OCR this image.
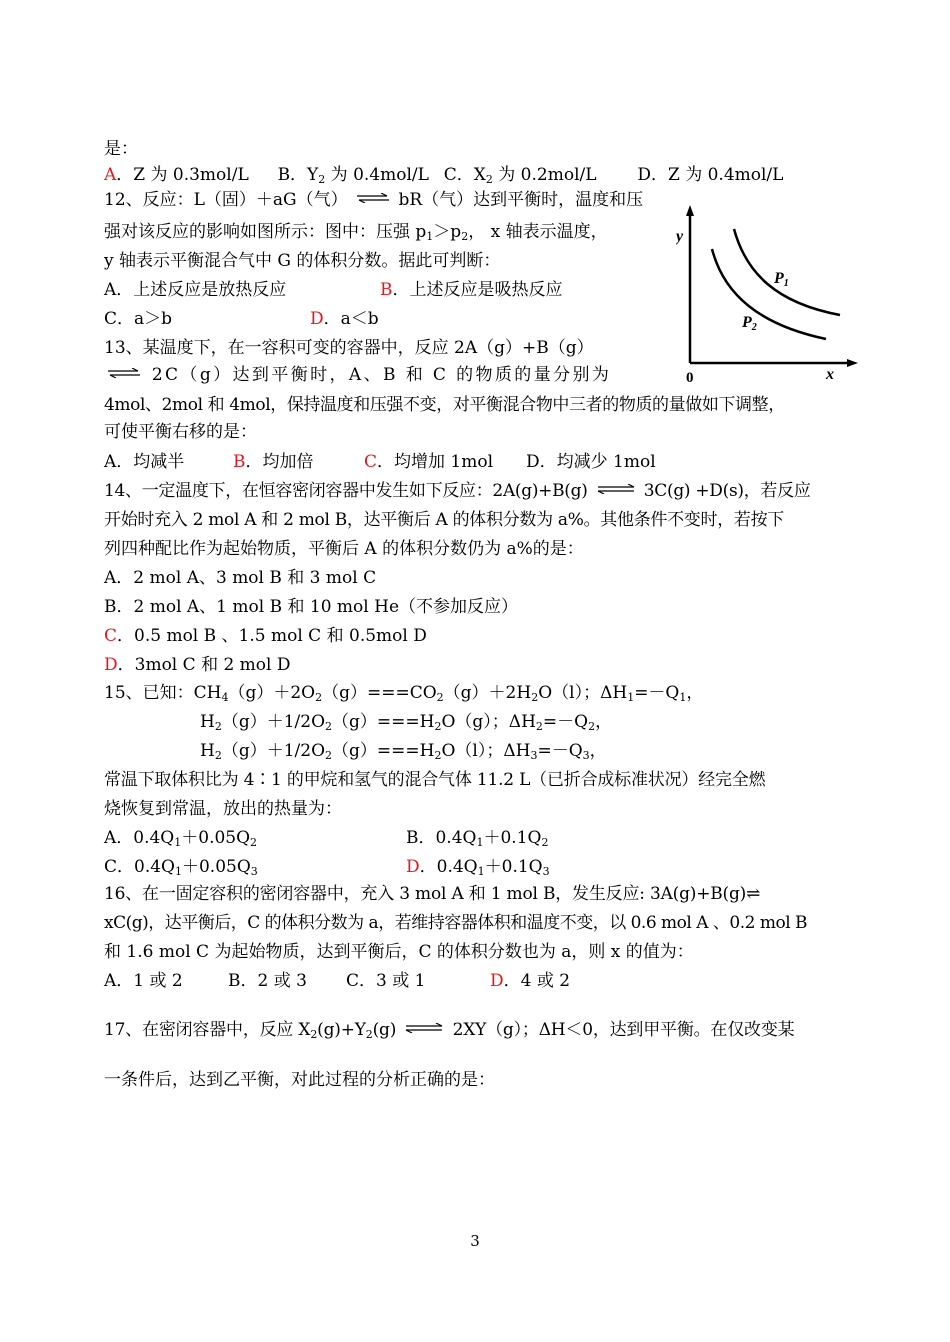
是：
A．Z 为 0.3mol/L B．$Y_2$ 为 0.4mol/L C．$X_2$ 为 0.2mol/L D．Z 为 0.4mol/L
12、反应：L（固）＋aG（气） ⇌ bR（气）达到平衡时，温度和压
强对该反应的影响如图所示：图中：压强 $p_1>p_2$， x 轴表示温度，
y 轴表示平衡混合气中 G 的体积分数。据此可判断：
A．上述反应是放热反应	B．上述反应是吸热反应
C．a＞b	D．a＜b
y
x
0
P1
P2
13、某温度下，在一容积可变的容器中，反应 2A（g）+B（g）
⇌ 2C（g）达到平衡时，A、B 和 C 的物质的量分别为
4mol、2mol 和 4mol，保持温度和压强不变，对平衡混合物中三者的物质的量做如下调整，
可使平衡右移的是：
A．均减半	B．均加倍	C．均增加 1mol D．均减少 1mol
14、一定温度下，在恒容密闭容器中发生如下反应：2A(g)+B(g) ⇌ 3C(g) +D(s)，若反应
开始时充入 2 mol A 和 2 mol B，达平衡后 A 的体积分数为 a%。其他条件不变时，若按下
列四种配比作为起始物质，平衡后 A 的体积分数仍为 a%的是：
A．2 mol A、3 mol B 和 3 mol C
B．2 mol A、1 mol B 和 10 mol He（不参加反应）
C．0.5 mol B 、1.5 mol C 和 0.5mol D
D．3mol C 和 2 mol D
15、已知：$CH_4(g)+2O_2(g)===CO_2(g)+2H_2O(l)$；$\Delta H_1=-Q_1$，
$H_2(g)+1/2O_2(g)===H_2O(g)$；$\Delta H_2=-Q_2$，
$H_2(g)+1/2O_2(g)===H_2O(l)$；$\Delta H_3=-Q_3$，
常温下取体积比为 4∶1 的甲烷和氢气的混合气体 11.2 L（已折合成标准状况）经完全燃
烧恢复到常温，放出的热量为：
A．$0.4Q_1+0.05Q_2$	B．$0.4Q_1+0.1Q_2$
C．$0.4Q_1+0.05Q_3$	D．$0.4Q_1+0.1Q_3$
16、在一固定容积的密闭容器中，充入 3 mol A 和 1 mol B，发生反应: 3A(g)+B(g)⇌
xC(g)，达平衡后，C 的体积分数为 a，若维持容器体积和温度不变，以 0.6 mol A 、0.2 mol B
和 1.6 mol C 为起始物质，达到平衡后，C 的体积分数也为 a，则 x 的值为：
A．1 或 2	B．2 或 3 C．3 或 1	D．4 或 2
17、在密闭容器中，反应 $X_2(g)+Y_2(g)$ ⇌ 2XY（g）；ΔH＜0，达到甲平衡。在仅改变某
一条件后，达到乙平衡，对此过程的分析正确的是：
3
